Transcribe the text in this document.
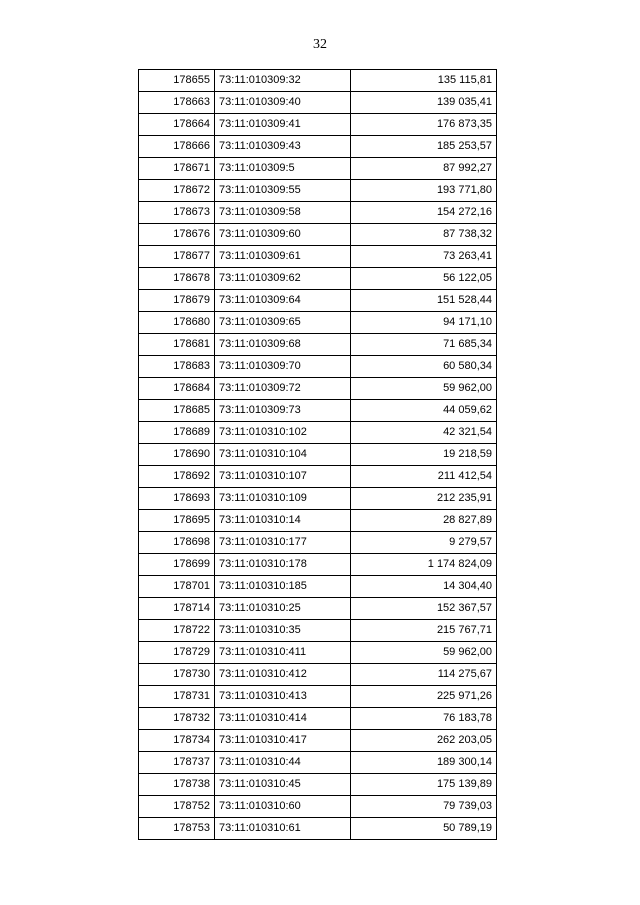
32
178655	73:11:010309:32	135 115,81
178663	73:11:010309:40	139 035,41
178664	73:11:010309:41	176 873,35
178666	73:11:010309:43	185 253,57
178671	73:11:010309:5	87 992,27
178672	73:11:010309:55	193 771,80
178673	73:11:010309:58	154 272,16
178676	73:11:010309:60	87 738,32
178677	73:11:010309:61	73 263,41
178678	73:11:010309:62	56 122,05
178679	73:11:010309:64	151 528,44
178680	73:11:010309:65	94 171,10
178681	73:11:010309:68	71 685,34
178683	73:11:010309:70	60 580,34
178684	73:11:010309:72	59 962,00
178685	73:11:010309:73	44 059,62
178689	73:11:010310:102	42 321,54
178690	73:11:010310:104	19 218,59
178692	73:11:010310:107	211 412,54
178693	73:11:010310:109	212 235,91
178695	73:11:010310:14	28 827,89
178698	73:11:010310:177	9 279,57
178699	73:11:010310:178	1 174 824,09
178701	73:11:010310:185	14 304,40
178714	73:11:010310:25	152 367,57
178722	73:11:010310:35	215 767,71
178729	73:11:010310:411	59 962,00
178730	73:11:010310:412	114 275,67
178731	73:11:010310:413	225 971,26
178732	73:11:010310:414	76 183,78
178734	73:11:010310:417	262 203,05
178737	73:11:010310:44	189 300,14
178738	73:11:010310:45	175 139,89
178752	73:11:010310:60	79 739,03
178753	73:11:010310:61	50 789,19
